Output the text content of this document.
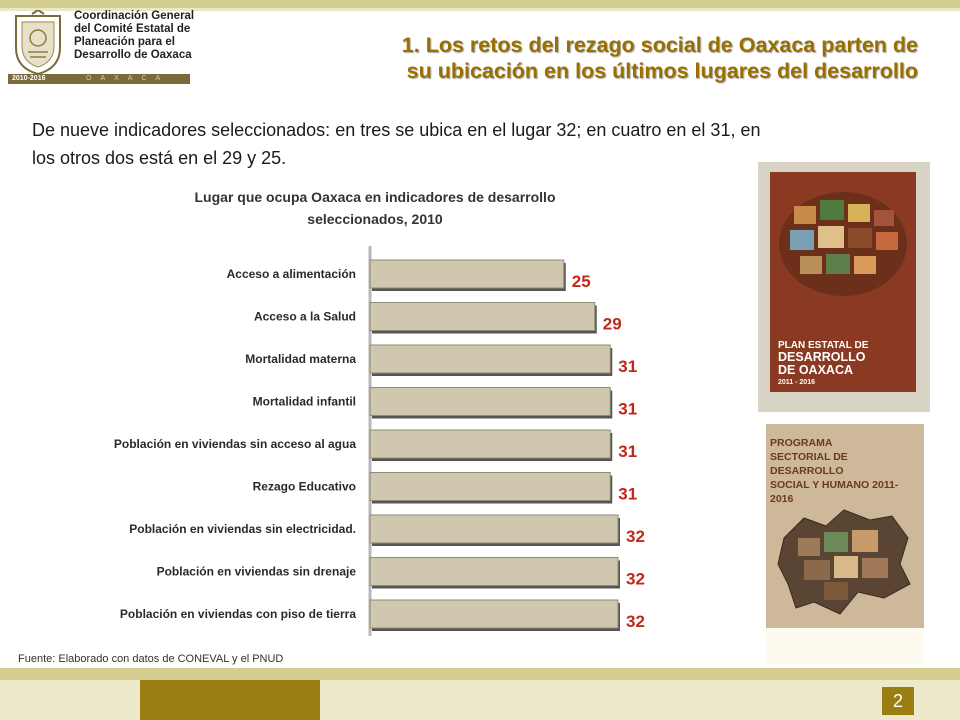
Coordinación General
del Comité Estatal de
Planeación para el
Desarrollo de Oaxaca
2010-2016	OAXACA
1. Los retos del rezago social de Oaxaca parten de
su ubicación en los últimos lugares del desarrollo
De nueve indicadores seleccionados: en tres se ubica en el lugar 32; en cuatro en el 31, en
los otros dos está en el 29 y 25.
Lugar que ocupa Oaxaca en indicadores de desarrollo
seleccionados, 2010
Acceso a alimentación	25
Acceso a la Salud	29
Mortalidad materna	31
Mortalidad infantil	31
Población en viviendas sin acceso al agua	31
Rezago Educativo	31
Población en viviendas sin electricidad.	32
Población en viviendas sin drenaje	32
Población en viviendas con piso de tierra	32
Fuente: Elaborado con datos de CONEVAL y el PNUD
PLAN ESTATAL DE
DESARROLLO
DE OAXACA
2011 - 2016
PROGRAMA
SECTORIAL DE DESARROLLO
SOCIAL Y HUMANO 2011-2016
2
